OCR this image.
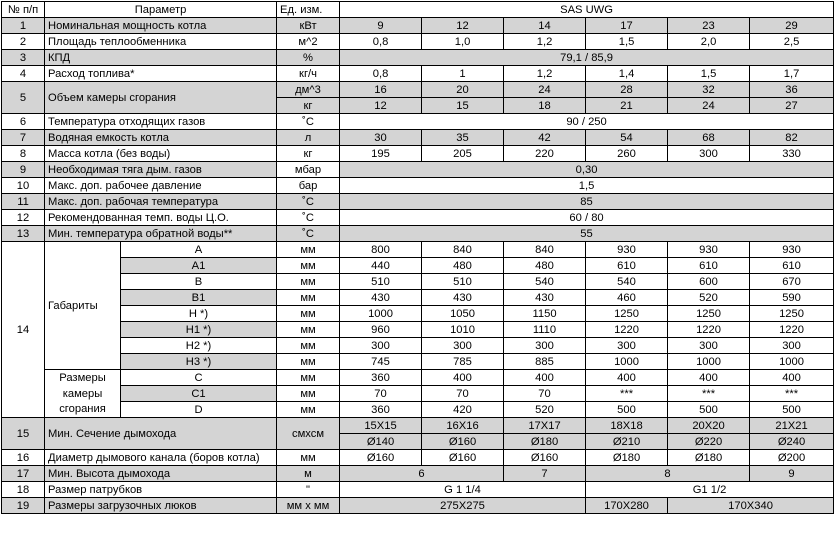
№ п/п	Параметр		Ед. изм.	SAS UWG					
1	Номинальная мощность котла		кВт	9	12	14	17	23	29
2	Площадь теплообменника		м^2	0,8	1,0	1,2	1,5	2,0	2,5
3	КПД		%	79,1 / 85,9					
4	Расход топлива*		кг/ч	0,8	1	1,2	1,4	1,5	1,7
5	Объем камеры сгорания		дм^3	16	20	24	28	32	36
			кг	12	15	18	21	24	27
6	Температура отходящих газов		˚С	90 / 250					
7	Водяная емкость котла		л	30	35	42	54	68	82
8	Масса котла (без воды)		кг	195	205	220	260	300	330
9	Необходимая тяга дым. газов		мбар	0,30					
10	Макс. доп. рабочее давление		бар	1,5					
11	Макс. доп. рабочая температура		˚С	85					
12	Рекомендованная темп. воды Ц.О.		˚С	60 / 80					
13	Мин. температура обратной воды**		˚С	55					
14	Габариты	A	мм	800	840	840	930	930	930
		A1	мм	440	480	480	610	610	610
		B	мм	510	510	540	540	600	670
		B1	мм	430	430	430	460	520	590
		H *)	мм	1000	1050	1150	1250	1250	1250
		H1 *)	мм	960	1010	1110	1220	1220	1220
		H2 *)	мм	300	300	300	300	300	300
		H3 *)	мм	745	785	885	1000	1000	1000
	Размеры	C	мм	360	400	400	400	400	400
	камеры	C1	мм	70	70	70	***	***	***
	сгорания	D	мм	360	420	520	500	500	500
15	Мин. Сечение дымохода		смхсм	15X15	16X16	17X17	18X18	20X20	21X21
				Ø140	Ø160	Ø180	Ø210	Ø220	Ø240
16	Диаметр дымового канала (боров котла)		мм	Ø160	Ø160	Ø160	Ø180	Ø180	Ø200
17	Мин. Высота дымохода		м	6		7	8		9
18	Размер патрубков		"	G 1 1/4			G1 1/2		
19	Размеры загрузочных люков		мм х мм	275X275			170X280	170X340	
